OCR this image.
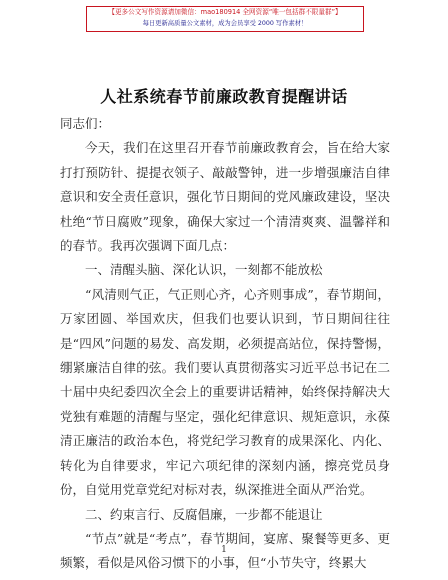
【更多公文写作资源请加微信：mao180914 全网资源“唯一包括群不限量群”】
每日更新高质量公文素材，成为会员享受 2000 写作素材！
人社系统春节前廉政教育提醒讲话

同志们：

今天，我们在这里召开春节前廉政教育会，旨在给大家打打预防针、提提衣领子、敲敲警钟，进一步增强廉洁自律意识和安全责任意识，强化节日期间的党风廉政建设，坚决杜绝“节日腐败”现象，确保大家过一个清清爽爽、温馨祥和的春节。我再次强调下面几点：

一、清醒头脑、深化认识，一刻都不能放松

“风清则气正，气正则心齐，心齐则事成”，春节期间，万家团圆、举国欢庆，但我们也要认识到，节日期间往往是“四风”问题的易发、高发期，必须提高站位，保持警惕，绷紧廉洁自律的弦。我们要认真贯彻落实习近平总书记在二十届中央纪委四次全会上的重要讲话精神，始终保持解决大党独有难题的清醒与坚定，强化纪律意识、规矩意识，永葆清正廉洁的政治本色，将党纪学习教育的成果深化、内化、转化为自律要求，牢记六项纪律的深刻内涵，擦亮党员身份，自觉用党章党纪对标对表，纵深推进全面从严治党。

二、约束言行、反腐倡廉，一步都不能退让

“节点”就是“考点”，春节期间，宴席、聚餐等更多、更频繁，看似是风俗习惯下的小事，但“小节失守，终累大

1
